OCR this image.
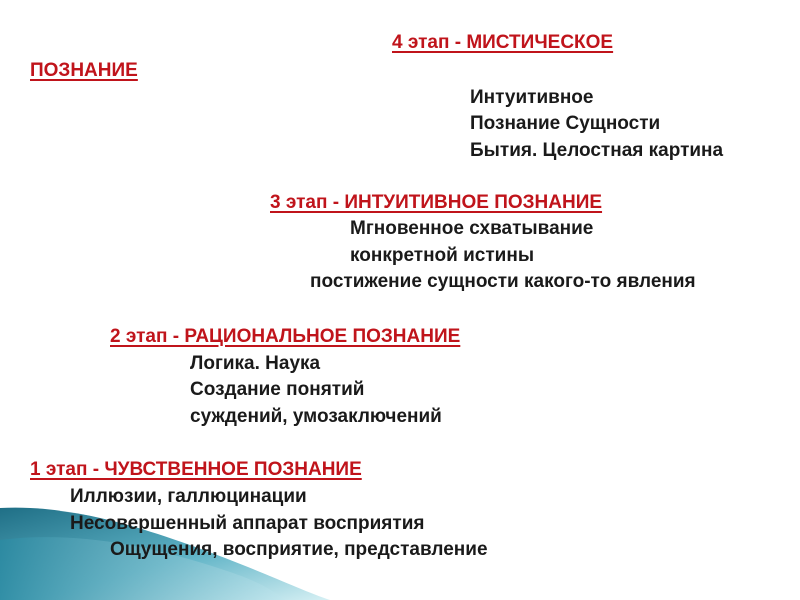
4 этап - МИСТИЧЕСКОЕ

ПОЗНАНИЕ

Интуитивное

Познание Сущности

Бытия. Целостная картина

3 этап - ИНТУИТИВНОЕ ПОЗНАНИЕ

Мгновенное схватывание

конкретной истины

постижение сущности какого-то явления

2 этап - РАЦИОНАЛЬНОЕ ПОЗНАНИЕ

Логика. Наука

Создание понятий

суждений, умозаключений

1 этап - ЧУВСТВЕННОЕ ПОЗНАНИЕ

Иллюзии, галлюцинации

Несовершенный аппарат восприятия

Ощущения, восприятие, представление
